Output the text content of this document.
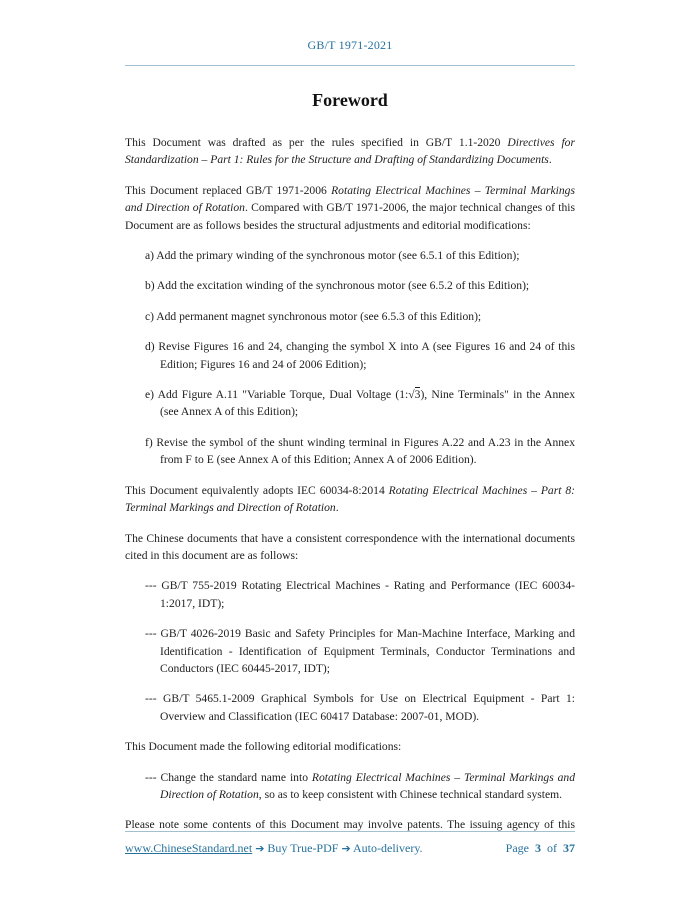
GB/T 1971-2021
Foreword

This Document was drafted as per the rules specified in GB/T 1.1-2020 Directives for Standardization – Part 1: Rules for the Structure and Drafting of Standardizing Documents.

This Document replaced GB/T 1971-2006 Rotating Electrical Machines – Terminal Markings and Direction of Rotation. Compared with GB/T 1971-2006, the major technical changes of this Document are as follows besides the structural adjustments and editorial modifications:

a) Add the primary winding of the synchronous motor (see 6.5.1 of this Edition);

b) Add the excitation winding of the synchronous motor (see 6.5.2 of this Edition);

c) Add permanent magnet synchronous motor (see 6.5.3 of this Edition);

d) Revise Figures 16 and 24, changing the symbol X into A (see Figures 16 and 24 of this Edition; Figures 16 and 24 of 2006 Edition);

e) Add Figure A.11 "Variable Torque, Dual Voltage (1:√3), Nine Terminals" in the Annex (see Annex A of this Edition);

f) Revise the symbol of the shunt winding terminal in Figures A.22 and A.23 in the Annex from F to E (see Annex A of this Edition; Annex A of 2006 Edition).

This Document equivalently adopts IEC 60034-8:2014 Rotating Electrical Machines – Part 8: Terminal Markings and Direction of Rotation.

The Chinese documents that have a consistent correspondence with the international documents cited in this document are as follows:

--- GB/T 755-2019 Rotating Electrical Machines - Rating and Performance (IEC 60034-1:2017, IDT);

--- GB/T 4026-2019 Basic and Safety Principles for Man-Machine Interface, Marking and Identification - Identification of Equipment Terminals, Conductor Terminations and Conductors (IEC 60445-2017, IDT);

--- GB/T 5465.1-2009 Graphical Symbols for Use on Electrical Equipment - Part 1: Overview and Classification (IEC 60417 Database: 2007-01, MOD).

This Document made the following editorial modifications:

--- Change the standard name into Rotating Electrical Machines – Terminal Markings and Direction of Rotation, so as to keep consistent with Chinese technical standard system.

Please note some contents of this Document may involve patents. The issuing agency of this

www.ChineseStandard.net ➔ Buy True-PDF ➔ Auto-delivery.	Page 3 of 37
